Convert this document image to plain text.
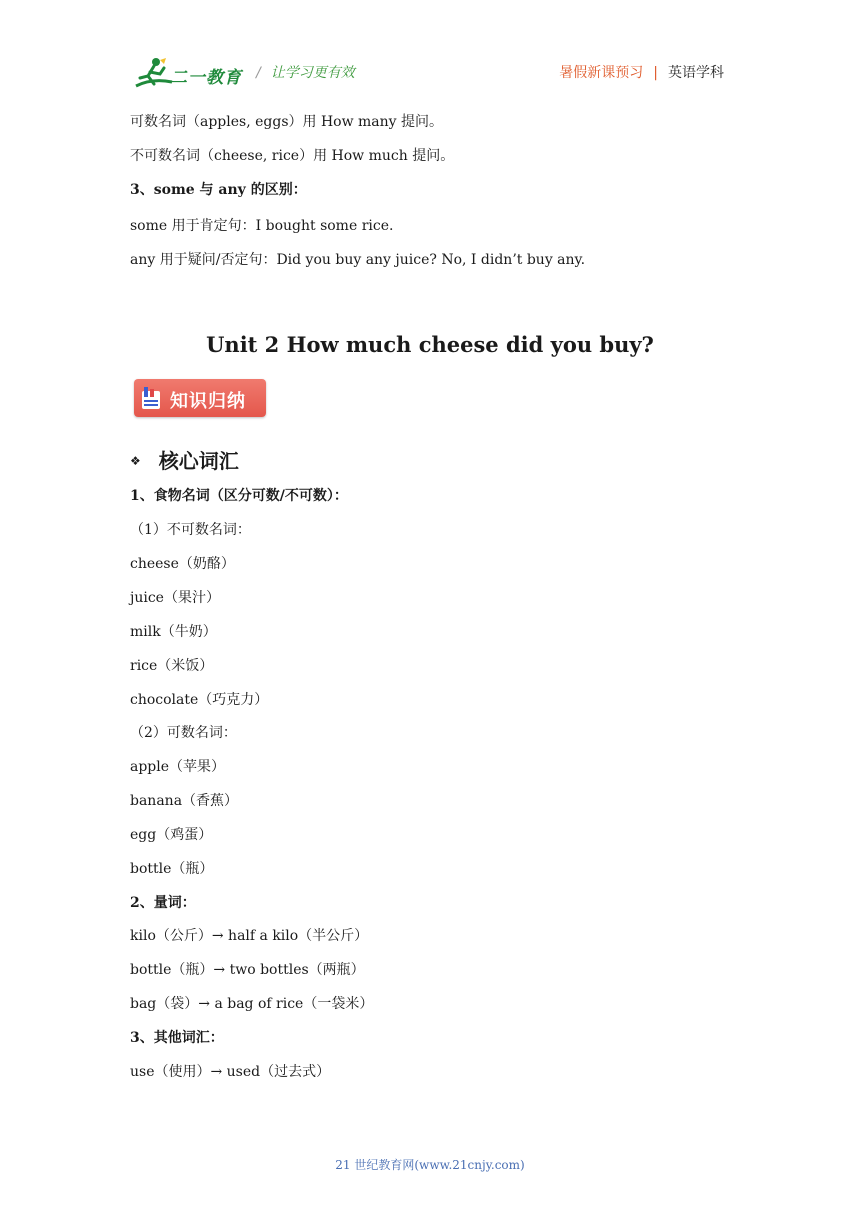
二一教育 / 让学习更有效	暑假新课预习 | 英语学科
可数名词（apples, eggs）用 How many 提问。
不可数名词（cheese, rice）用 How much 提问。
3、some 与 any 的区别：
some 用于肯定句：I bought some rice.
any 用于疑问/否定句：Did you buy any juice? No, I didn’t buy any.
Unit 2 How much cheese did you buy?
知识归纳
❖ 核心词汇
1、食物名词（区分可数/不可数）：
（1）不可数名词：
cheese（奶酪）
juice（果汁）
milk（牛奶）
rice（米饭）
chocolate（巧克力）
（2）可数名词：
apple（苹果）
banana（香蕉）
egg（鸡蛋）
bottle（瓶）
2、量词：
kilo（公斤）→ half a kilo（半公斤）
bottle（瓶）→ two bottles（两瓶）
bag（袋）→ a bag of rice（一袋米）
3、其他词汇：
use（使用）→ used（过去式）
21 世纪教育网(www.21cnjy.com)
